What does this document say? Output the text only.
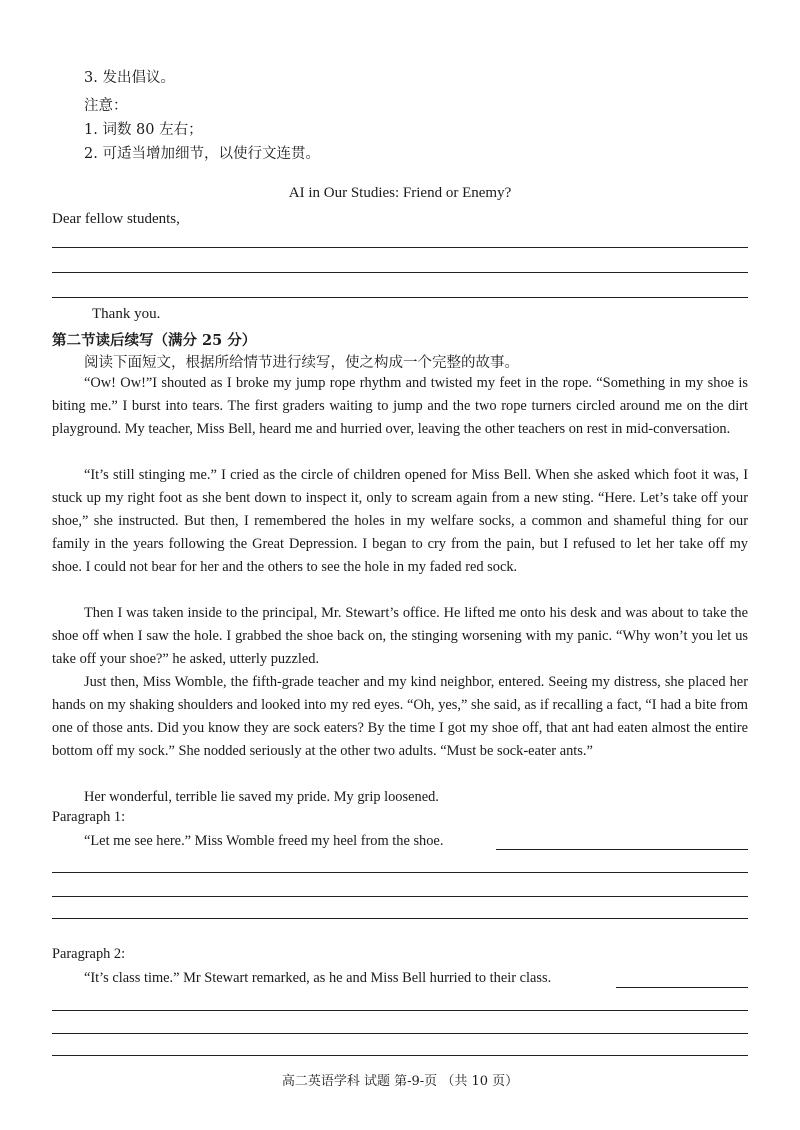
3. 发出倡议。
注意：
1. 词数 80 左右；
2. 可适当增加细节，以使行文连贯。
AI in Our Studies: Friend or Enemy?
Dear fellow students,
Thank you.
第二节读后续写（满分 25 分）
阅读下面短文，根据所给情节进行续写，使之构成一个完整的故事。
“Ow! Ow!”I shouted as I broke my jump rope rhythm and twisted my feet in the rope. “Something in my shoe is biting me.” I burst into tears. The first graders waiting to jump and the two rope turners circled around me on the dirt playground. My teacher, Miss Bell, heard me and hurried over, leaving the other teachers on rest in mid-conversation.
“It’s still stinging me.” I cried as the circle of children opened for Miss Bell. When she asked which foot it was, I stuck up my right foot as she bent down to inspect it, only to scream again from a new sting. “Here. Let’s take off your shoe,” she instructed. But then, I remembered the holes in my welfare socks, a common and shameful thing for our family in the years following the Great Depression. I began to cry from the pain, but I refused to let her take off my shoe. I could not bear for her and the others to see the hole in my faded red sock.
Then I was taken inside to the principal, Mr. Stewart’s office. He lifted me onto his desk and was about to take the shoe off when I saw the hole. I grabbed the shoe back on, the stinging worsening with my panic. “Why won’t you let us take off your shoe?” he asked, utterly puzzled.
Just then, Miss Womble, the fifth-grade teacher and my kind neighbor, entered. Seeing my distress, she placed her hands on my shaking shoulders and looked into my red eyes. “Oh, yes,” she said, as if recalling a fact, “I had a bite from one of those ants. Did you know they are sock eaters? By the time I got my shoe off, that ant had eaten almost the entire bottom off my sock.” She nodded seriously at the other two adults. “Must be sock-eater ants.”
Her wonderful, terrible lie saved my pride. My grip loosened.
Paragraph 1:
“Let me see here.” Miss Womble freed my heel from the shoe.
Paragraph 2:
“It’s class time.” Mr Stewart remarked, as he and Miss Bell hurried to their class.
高二英语学科 试题 第-9-页 （共 10 页）
